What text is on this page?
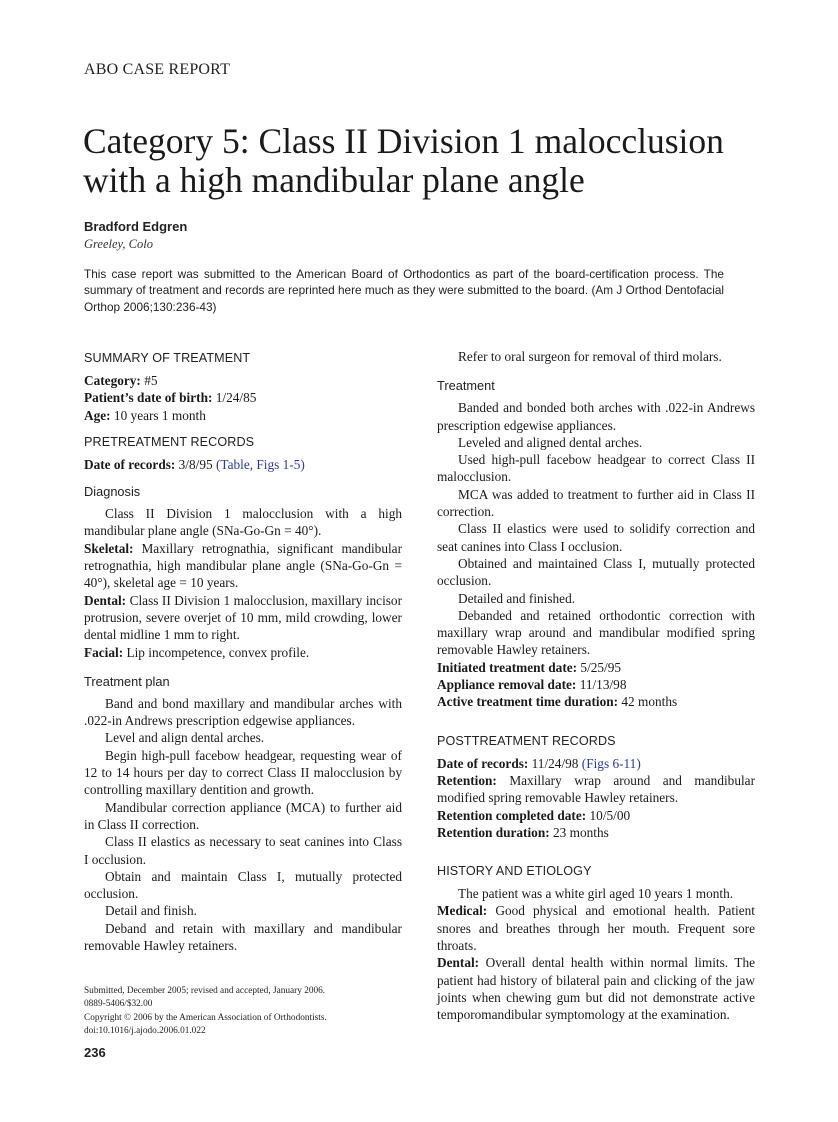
ABO CASE REPORT
Category 5: Class II Division 1 malocclusion with a high mandibular plane angle
Bradford Edgren
Greeley, Colo
This case report was submitted to the American Board of Orthodontics as part of the board-certification process. The summary of treatment and records are reprinted here much as they were submitted to the board. (Am J Orthod Dentofacial Orthop 2006;130:236-43)
SUMMARY OF TREATMENT

Category: #5

Patient’s date of birth: 1/24/85

Age: 10 years 1 month

PRETREATMENT RECORDS

Date of records: 3/8/95 (Table, Figs 1-5)

Diagnosis

Class II Division 1 malocclusion with a high mandibular plane angle (SNa-Go-Gn = 40°).

Skeletal: Maxillary retrognathia, significant mandibular retrognathia, high mandibular plane angle (SNa-Go-Gn = 40°), skeletal age = 10 years.

Dental: Class II Division 1 malocclusion, maxillary incisor protrusion, severe overjet of 10 mm, mild crowding, lower dental midline 1 mm to right.

Facial: Lip incompetence, convex profile.

Treatment plan

Band and bond maxillary and mandibular arches with .022-in Andrews prescription edgewise appliances.

Level and align dental arches.

Begin high-pull facebow headgear, requesting wear of 12 to 14 hours per day to correct Class II malocclusion by controlling maxillary dentition and growth.

Mandibular correction appliance (MCA) to further aid in Class II correction.

Class II elastics as necessary to seat canines into Class I occlusion.

Obtain and maintain Class I, mutually protected occlusion.

Detail and finish.

Deband and retain with maxillary and mandibular removable Hawley retainers.

Submitted, December 2005; revised and accepted, January 2006.
0889-5406/$32.00
Copyright © 2006 by the American Association of Orthodontists.
doi:10.1016/j.ajodo.2006.01.022
236

Refer to oral surgeon for removal of third molars.

Treatment

Banded and bonded both arches with .022-in Andrews prescription edgewise appliances.

Leveled and aligned dental arches.

Used high-pull facebow headgear to correct Class II malocclusion.

MCA was added to treatment to further aid in Class II correction.

Class II elastics were used to solidify correction and seat canines into Class I occlusion.

Obtained and maintained Class I, mutually protected occlusion.

Detailed and finished.

Debanded and retained orthodontic correction with maxillary wrap around and mandibular modified spring removable Hawley retainers.

Initiated treatment date: 5/25/95

Appliance removal date: 11/13/98

Active treatment time duration: 42 months

POSTTREATMENT RECORDS

Date of records: 11/24/98 (Figs 6-11)

Retention: Maxillary wrap around and mandibular modified spring removable Hawley retainers.

Retention completed date: 10/5/00

Retention duration: 23 months

HISTORY AND ETIOLOGY

The patient was a white girl aged 10 years 1 month.

Medical: Good physical and emotional health. Patient snores and breathes through her mouth. Frequent sore throats.

Dental: Overall dental health within normal limits. The patient had history of bilateral pain and clicking of the jaw joints when chewing gum but did not demonstrate active temporomandibular symptomology at the examination.
